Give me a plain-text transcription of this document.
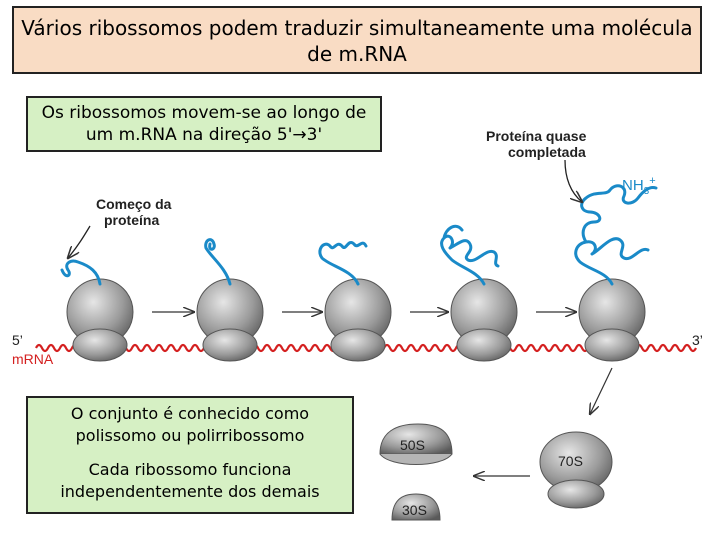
Começo da
proteína
Proteína quase
completada
$NH_3^+$
5’
mRNA
3’
50S
30S
70S
Vários ribossomos podem traduzir simultaneamente uma molécula
de m.RNA
Os ribossomos movem-se ao longo de
um m.RNA na direção 5'→3'

O conjunto é conhecido como

polissomo ou polirribossomo

Cada ribossomo funciona

independentemente dos demais
